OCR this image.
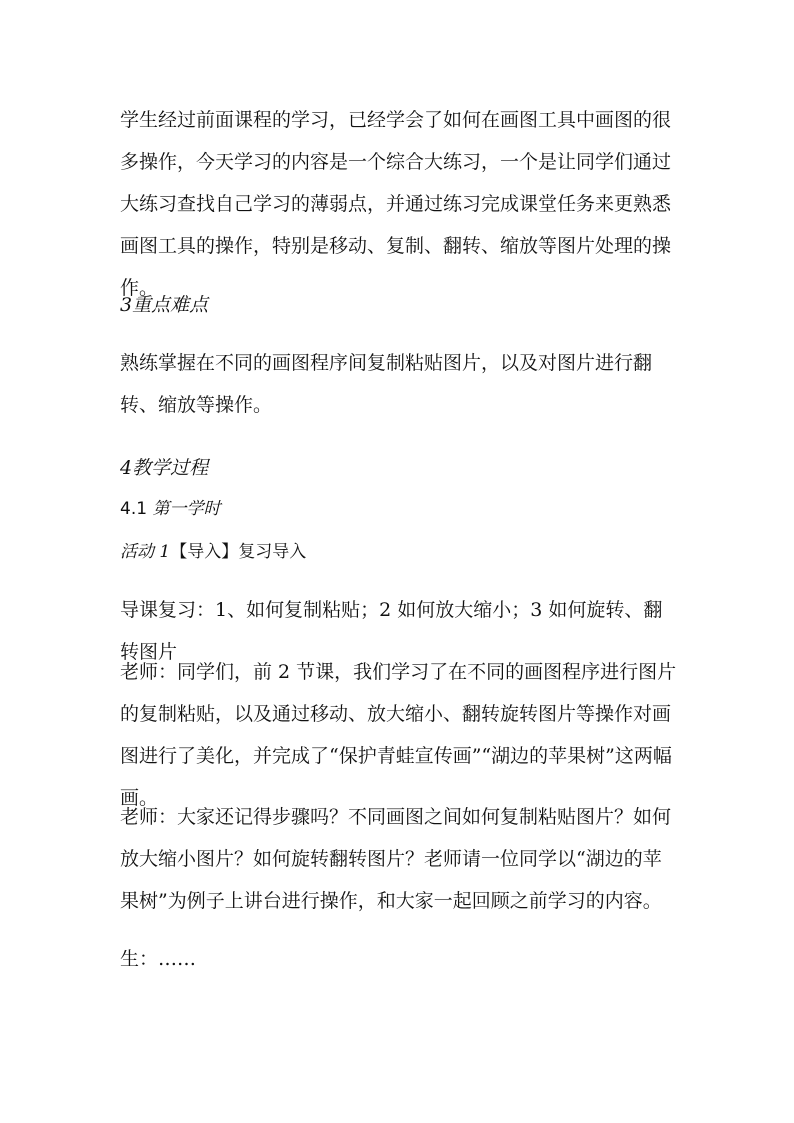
学生经过前面课程的学习，已经学会了如何在画图工具中画图的很多操作，今天学习的内容是一个综合大练习，一个是让同学们通过大练习查找自己学习的薄弱点，并通过练习完成课堂任务来更熟悉画图工具的操作，特别是移动、复制、翻转、缩放等图片处理的操作。

3重点难点

熟练掌握在不同的画图程序间复制粘贴图片，以及对图片进行翻转、缩放等操作。

4教学过程

4.1 第一学时

活动 1【导入】复习导入

导课复习：1、如何复制粘贴；2 如何放大缩小；3 如何旋转、翻转图片

老师：同学们，前 2 节课，我们学习了在不同的画图程序进行图片的复制粘贴，以及通过移动、放大缩小、翻转旋转图片等操作对画图进行了美化，并完成了“保护青蛙宣传画”“湖边的苹果树”这两幅画。

老师：大家还记得步骤吗？不同画图之间如何复制粘贴图片？如何放大缩小图片？如何旋转翻转图片？老师请一位同学以“湖边的苹果树”为例子上讲台进行操作，和大家一起回顾之前学习的内容。

生：……
